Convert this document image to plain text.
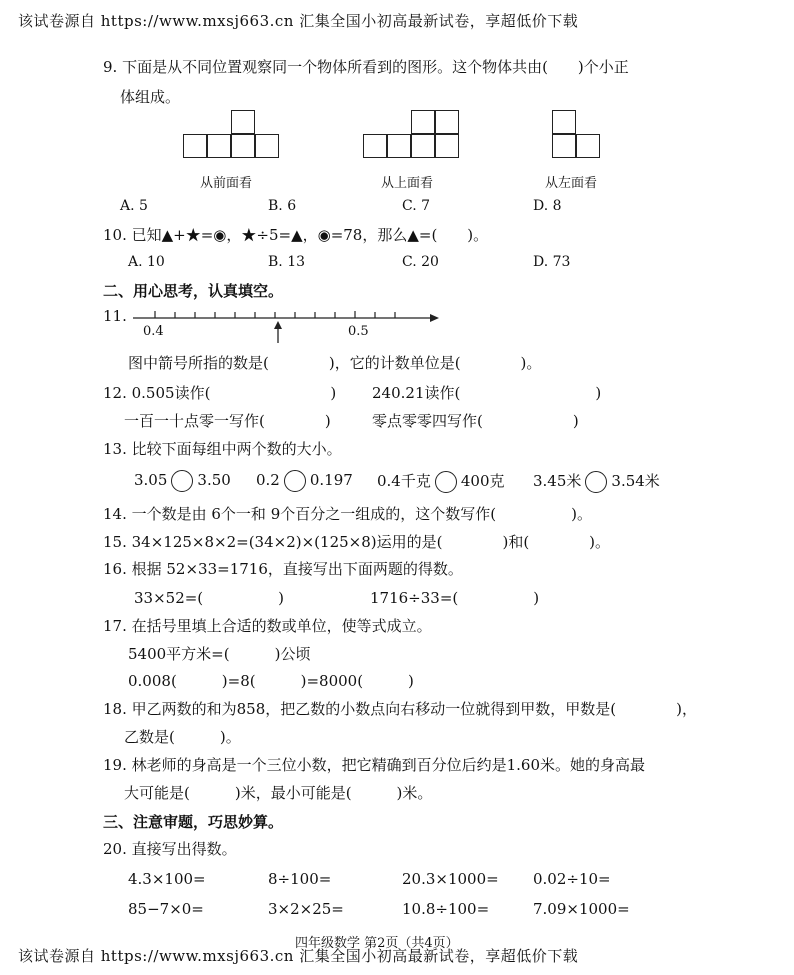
该试卷源自 https://www.mxsj663.cn 汇集全国小初高最新试卷，享超低价下载
9. 下面是从不同位置观察同一个物体所看到的图形。这个物体共由(　　)个小正
体组成。
从前面看	从上面看	从左面看
A. 5	B. 6	C. 7	D. 8
10. 已知▲+★=◉，★÷5=▲，◉=78，那么▲=(　　)。
A. 10	B. 13	C. 20	D. 73
二、用心思考，认真填空。
11.
0.4	0.5
图中箭号所指的数是(　　　　)，它的计数单位是(　　　　)。
12. 0.505读作(　　　　　　　　) 240.21读作(　　　　　　　　　)
一百一十点零一写作(　　　　)	零点零零四写作(　　　　　　)
13. 比较下面每组中两个数的大小。
3.05 3.50 0.2 0.197 0.4千克 400克 3.45米 3.54米
14. 一个数是由 6个一和 9个百分之一组成的，这个数写作(　　　　　)。
15. 34×125×8×2=(34×2)×(125×8)运用的是(　　　　)和(　　　　)。
16. 根据 52×33=1716，直接写出下面两题的得数。
33×52=(　　　　　)	1716÷33=(　　　　　)
17. 在括号里填上合适的数或单位，使等式成立。
5400平方米=(　　　)公顷
0.008(　　　)=8(　　　)=8000(　　　)
18. 甲乙两数的和为858，把乙数的小数点向右移动一位就得到甲数，甲数是(　　　　)，
乙数是(　　　)。
19. 林老师的身高是一个三位小数，把它精确到百分位后约是1.60米。她的身高最
大可能是(　　　)米，最小可能是(　　　)米。
三、注意审题，巧思妙算。
20. 直接写出得数。
4.3×100=	8÷100=	20.3×1000= 0.02÷10=
85−7×0=	3×2×25=	10.8÷100=	7.09×1000=
四年级数学 第2页（共4页）
该试卷源自 https://www.mxsj663.cn 汇集全国小初高最新试卷，享超低价下载
